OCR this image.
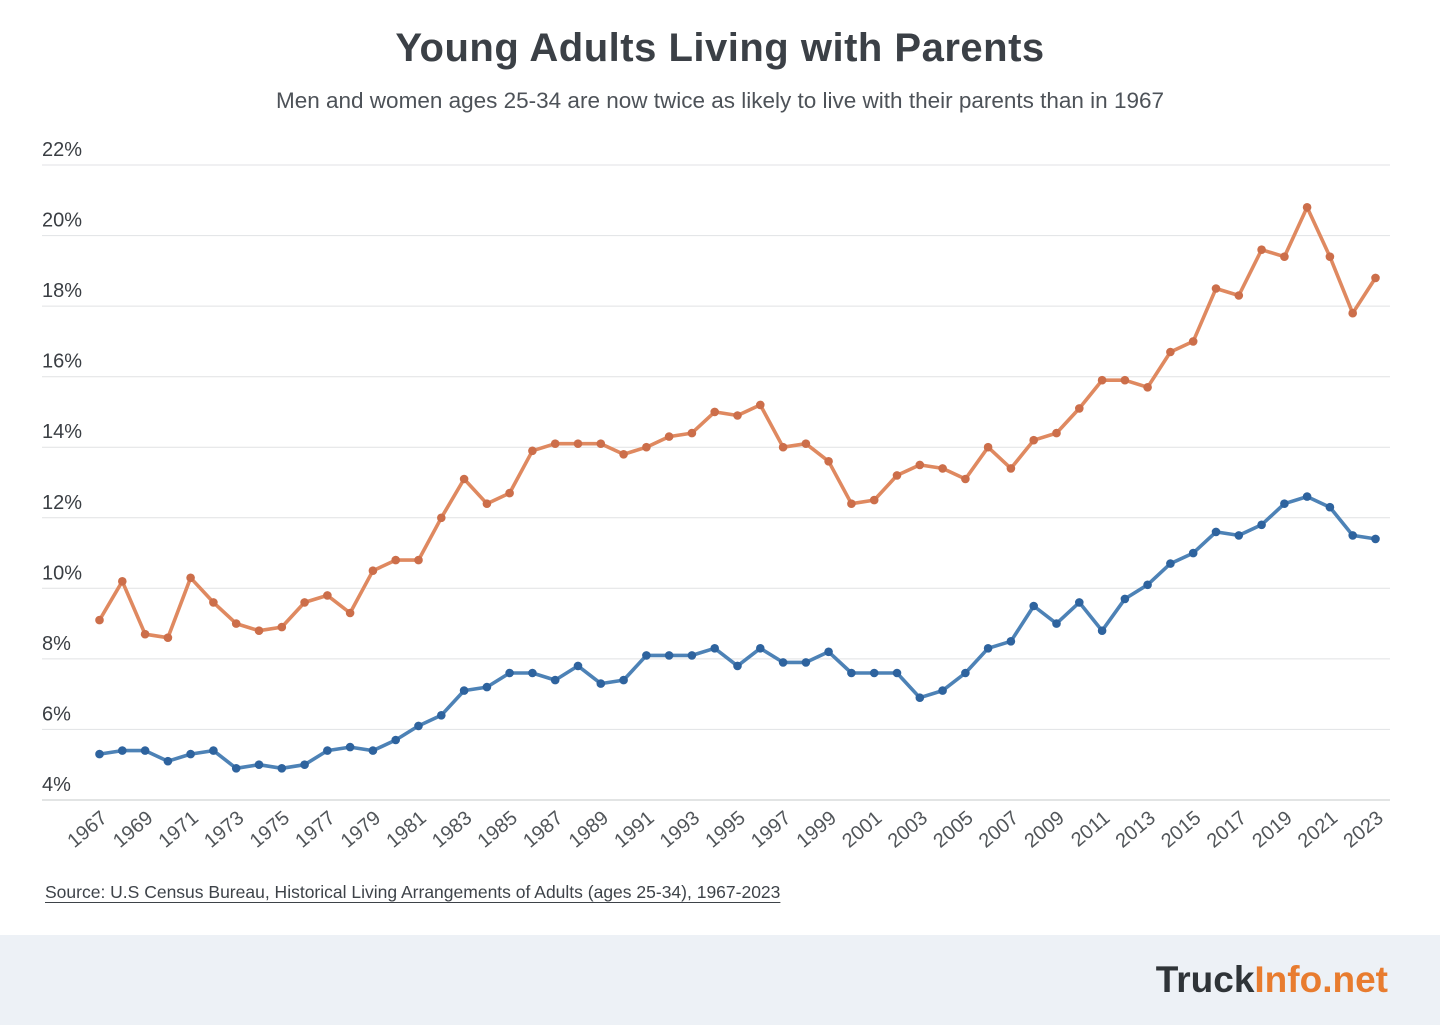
Young Adults Living with Parents

Men and women ages 25-34 are now twice as likely to live with their parents than in 1967

4%
6%
8%
10%
12%
14%
16%
18%
20%
22%
1967
1969
1971
1973
1975
1977
1979
1981
1983
1985
1987
1989
1991
1993
1995
1997
1999
2001
2003
2005
2007
2009
2011
2013
2015
2017
2019
2021
2023
Source: U.S Census Bureau, Historical Living Arrangements of Adults (ages 25-34), 1967-2023
TruckInfo.net
